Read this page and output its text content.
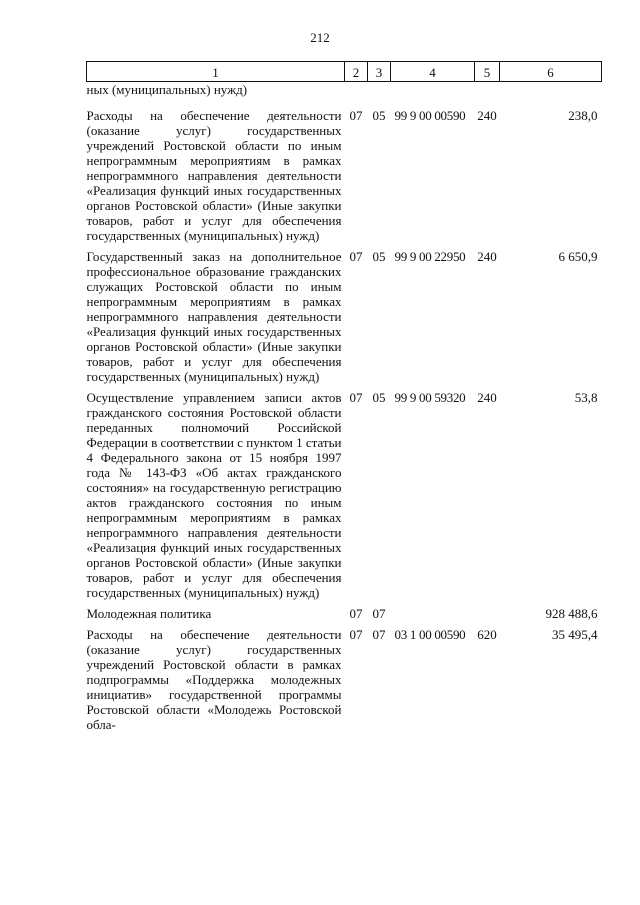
212
1	2	3	4	5	6
ных (муниципальных) нужд)					
Расходы на обеспечение деятельности (оказание услуг) государственных учреждений Ростовской области по иным непрограммным мероприятиям в рамках непрограммного направления деятельности «Реализация функций иных государственных органов Ростовской области» (Иные закупки товаров, работ и услуг для обеспечения государственных (муниципальных) нужд)	07	05	99 9 00 00590	240	238,0
Государственный заказ на дополнительное профессиональное образование гражданских служащих Ростовской области по иным непрограммным мероприятиям в рамках непрограммного направления деятельности «Реализация функций иных государственных органов Ростовской области» (Иные закупки товаров, работ и услуг для обеспечения государственных (муниципальных) нужд)	07	05	99 9 00 22950	240	6 650,9
Осуществление управлением записи актов гражданского состояния Ростовской области переданных полномочий Российской Федерации в соответствии с пунктом 1 статьи 4 Федерального закона от 15 ноября 1997 года № 143-ФЗ «Об актах гражданского состояния» на государственную регистрацию актов гражданского состояния по иным непрограммным мероприятиям в рамках непрограммного направления деятельности «Реализация функций иных государственных органов Ростовской области» (Иные закупки товаров, работ и услуг для обеспечения государственных (муниципальных) нужд)	07	05	99 9 00 59320	240	53,8
Молодежная политика	07	07			928 488,6
Расходы на обеспечение деятельности (оказание услуг) государственных учреждений Ростовской области в рамках подпрограммы «Поддержка молодежных инициатив» государственной программы Ростовской области «Молодежь Ростовской обла-	07	07	03 1 00 00590	620	35 495,4
